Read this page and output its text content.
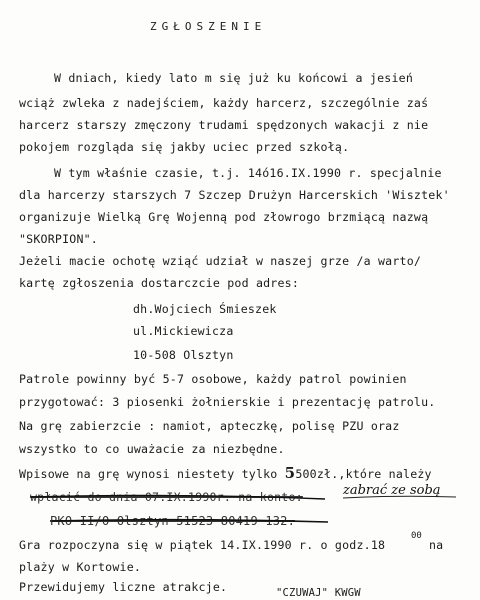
ZGŁOSZENIE
W dniach, kiedy lato m się już ku końcowi a jesień
wciąż zwleka z nadejściem, każdy harcerz, szczególnie zaś
harcerz starszy zmęczony trudami spędzonych wakacji z nie
pokojem rozgląda się jakby uciec przed szkołą.
W tym właśnie czasie, t.j. 14ó16.IX.1990 r. specjalnie
dla harcerzy starszych 7 Szczep Drużyn Harcerskich 'Wisztek'
organizuje Wielką Grę Wojenną pod złowrogo brzmiącą nazwą
"SKORPION".
Jeżeli macie ochotę wziąć udział w naszej grze /a warto/
kartę zgłoszenia dostarczcie pod adres:
dh.Wojciech Śmieszek
ul.Mickiewicza
10-508 Olsztyn
Patrole powinny być 5-7 osobowe, każdy patrol powinien
przygotować: 3 piosenki żołnierskie i prezentację patrolu.
Na grę zabierzcie : namiot, apteczkę, polisę PZU oraz
wszystko to co uważacie za niezbędne.
Wpisowe na grę wynosi niestety tylko 5500zł.,które należy
wpłacić do dnia 07.IX.1990r. na konto:	zabrać ze sobą
PKO II/O Olsztyn 51523-80419-132.
Gra rozpoczyna się w piątek 14.IX.1990 r. o godz.18
00
na
plaży w Kortowie.
Przewidujemy liczne atrakcje.	"CZUWAJ" KWGW
